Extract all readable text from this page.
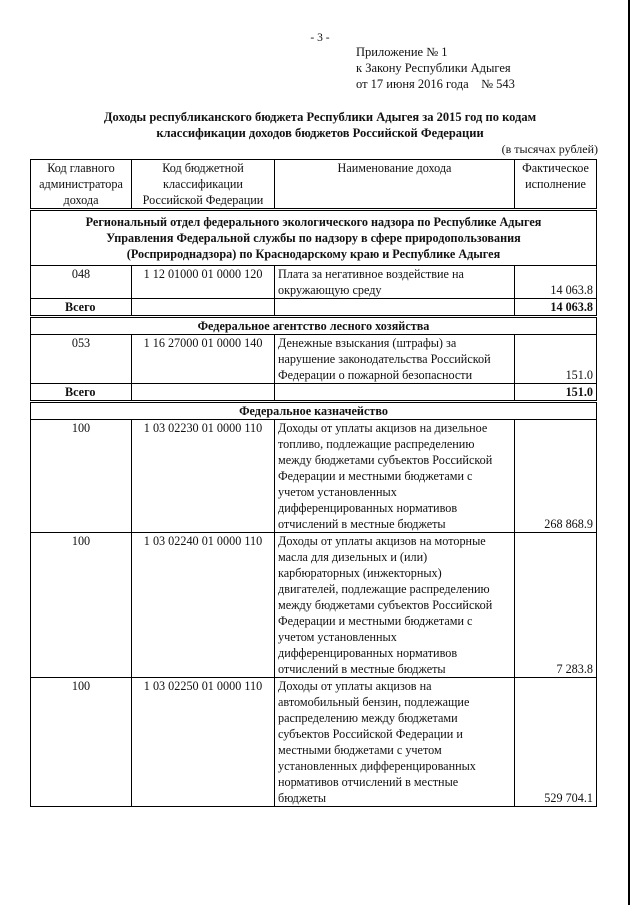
- 3 -
Приложение № 1
к Закону Республики Адыгея
от 17 июня 2016 года    № 543
Доходы республиканского бюджета Республики Адыгея за 2015 год по кодам
классификации доходов бюджетов Российской Федерации
(в тысячах рублей)
Код главного администратора дохода	Код бюджетной классификации Российской Федерации	Наименование дохода	Фактическое исполнение
Региональный отдел федерального экологического надзора по Республике Адыгея Управления Федеральной службы по надзору в сфере природопользования (Росприроднадзора) по Краснодарскому краю и Республике Адыгея			
048	1 12 01000 01 0000 120	Плата за негативное воздействие на окружающую среду	14 063.8
Всего			14 063.8
Федеральное агентство лесного хозяйства			
053	1 16 27000 01 0000 140	Денежные взыскания (штрафы) за нарушение законодательства Российской Федерации о пожарной безопасности	151.0
Всего			151.0
Федеральное казначейство			
100	1 03 02230 01 0000 110	Доходы от уплаты акцизов на дизельное топливо, подлежащие распределению между бюджетами субъектов Российской Федерации и местными бюджетами с учетом установленных дифференцированных нормативов отчислений в местные бюджеты	268 868.9
100	1 03 02240 01 0000 110	Доходы от уплаты акцизов на моторные масла для дизельных и (или) карбюраторных (инжекторных) двигателей, подлежащие распределению между бюджетами субъектов Российской Федерации и местными бюджетами с учетом установленных дифференцированных нормативов отчислений в местные бюджеты	7 283.8
100	1 03 02250 01 0000 110	Доходы от уплаты акцизов на автомобильный бензин, подлежащие распределению между бюджетами субъектов Российской Федерации и местными бюджетами с учетом установленных дифференцированных нормативов отчислений в местные бюджеты	529 704.1
